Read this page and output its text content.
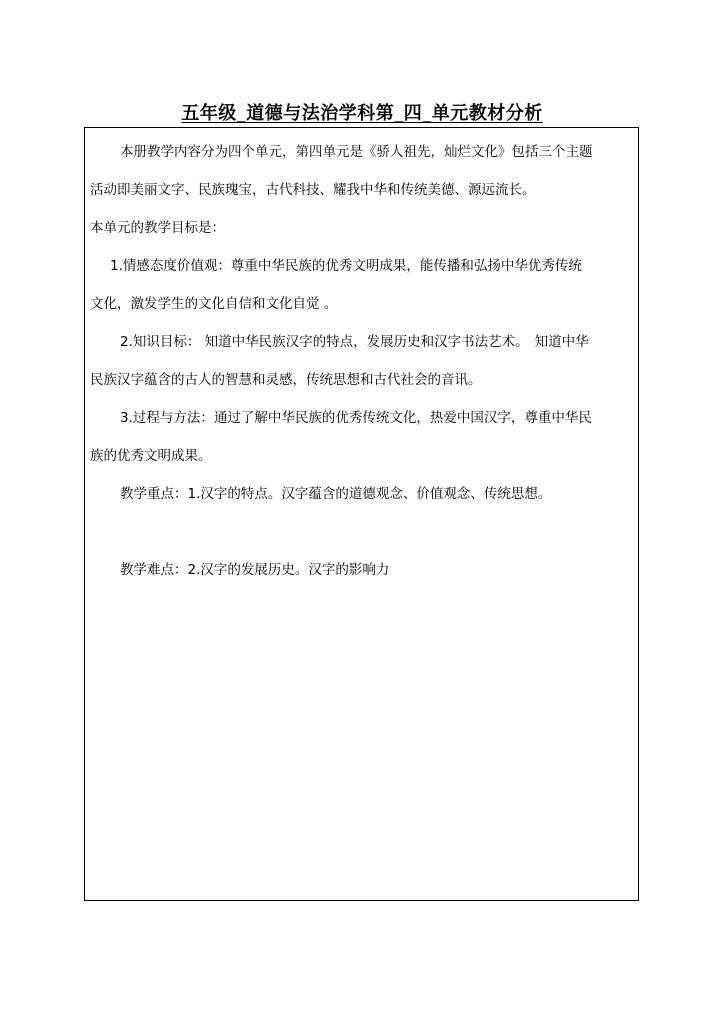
五年级_道德与法治学科第_四_单元教材分析
本册教学内容分为四个单元，第四单元是《骄人祖先，灿烂文化》包括三个主题
活动即美丽文字、民族瑰宝，古代科技、耀我中华和传统美德、源远流长。
本单元的教学目标是：
1.情感态度价值观：尊重中华民族的优秀文明成果，能传播和弘扬中华优秀传统
文化，激发学生的文化自信和文化自觉 。
2.知识目标： 知道中华民族汉字的特点，发展历史和汉字书法艺术。 知道中华
民族汉字蕴含的古人的智慧和灵感，传统思想和古代社会的音讯。
3.过程与方法：通过了解中华民族的优秀传统文化，热爱中国汉字，尊重中华民
族的优秀文明成果。
教学重点：1.汉字的特点。汉字蕴含的道德观念、价值观念、传统思想。
教学难点：2.汉字的发展历史。汉字的影响力
